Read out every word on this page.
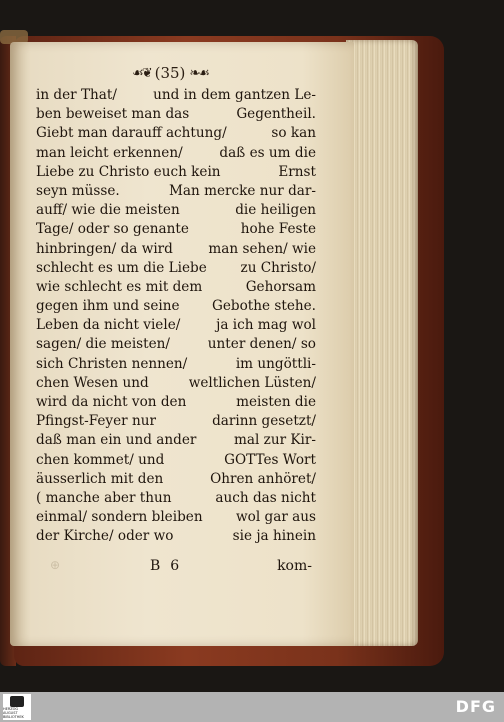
☙❦ (35) ❧☙
in der That/	und in dem gantzen Le-
ben beweiset man das	Gegentheil.
Giebt man darauff achtung/	so kan
man leicht erkennen/	daß es um die
Liebe zu Christo euch kein	Ernst
seyn müsse.	Man mercke nur dar-
auff/ wie die meisten	die heiligen
Tage/ oder so genante	hohe Feste
hinbringen/ da wird	man sehen/ wie
schlecht es um die Liebe zu Christo/
wie schlecht es mit dem	Gehorsam
gegen ihm und seine Gebothe stehe.
Leben da nicht viele/	ja ich mag wol
sagen/ die meisten/	unter denen/ so
sich Christen nennen/	im ungöttli-
chen Wesen und	weltlichen Lüsten/
wird da nicht von den	meisten die
Pfingst-Feyer nur	darinn gesetzt/
daß man ein und ander	mal zur Kir-
chen kommet/ und	GOTTes Wort
äusserlich mit den	Ohren anhöret/
( manche aber thun	auch das nicht
einmal/ sondern bleiben wol gar aus
der Kirche/ oder wo	sie ja hinein
⊕	B 6	kom-
HERZOG AUGUST BIBLIOTHEK
DFG
